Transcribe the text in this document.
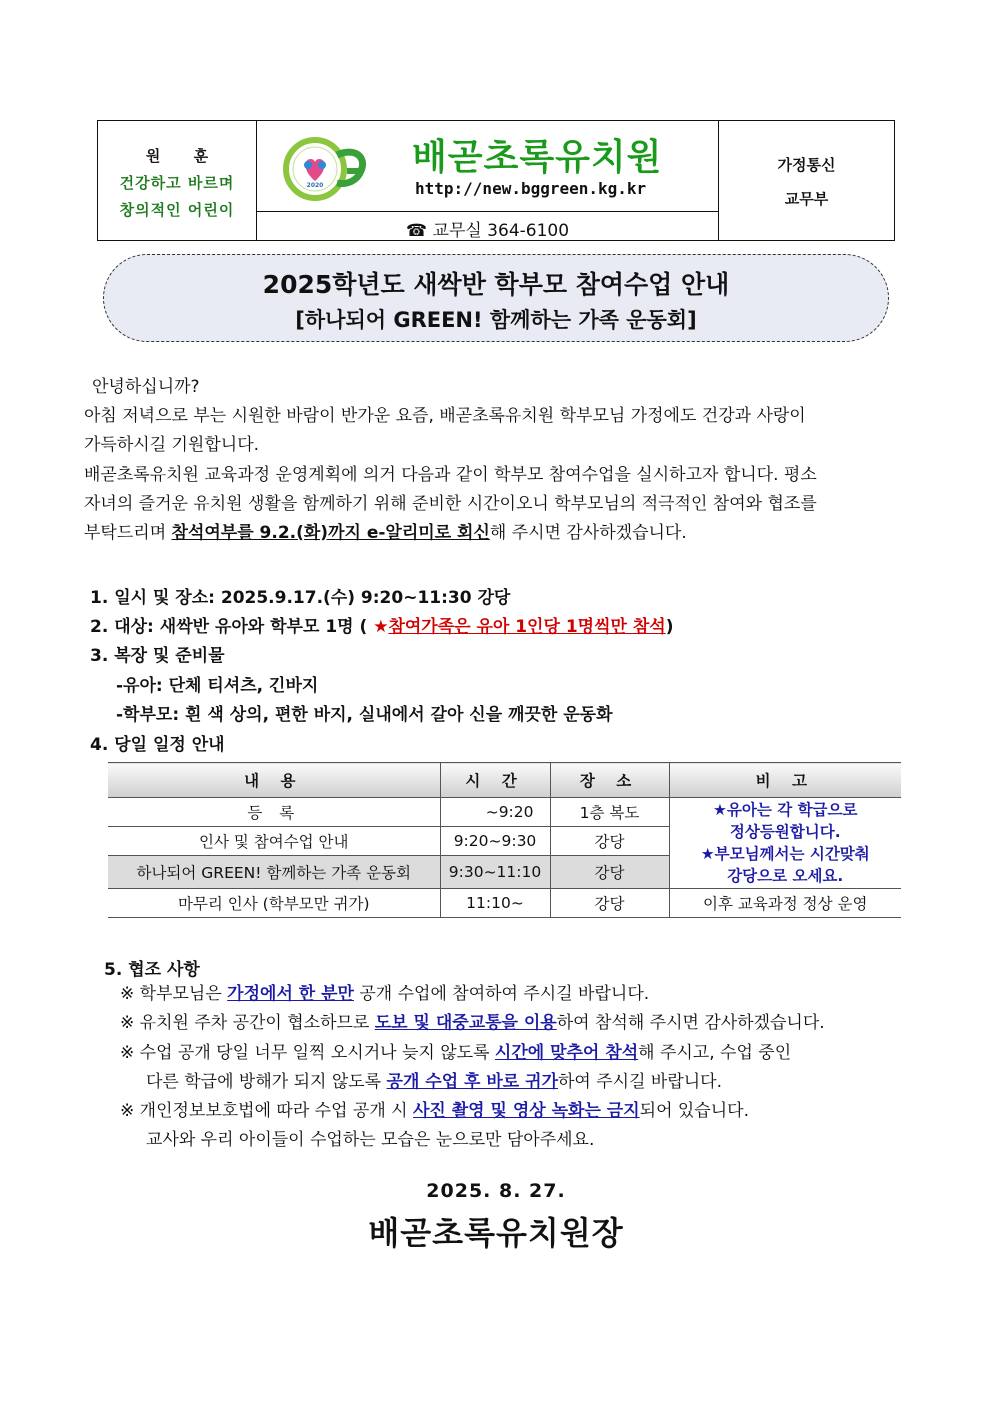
원 훈
건강하고 바르며
창의적인 어린이
2020
배곧초록유치원
http://new.bggreen.kg.kr
☎ 교무실 364-6100
가정통신
교무부
2025학년도 새싹반 학부모 참여수업 안내
[하나되어 GREEN! 함께하는 가족 운동회]
안녕하십니까?
아침 저녁으로 부는 시원한 바람이 반가운 요즘, 배곧초록유치원 학부모님 가정에도 건강과 사랑이
가득하시길 기원합니다.
배곧초록유치원 교육과정 운영계획에 의거 다음과 같이 학부모 참여수업을 실시하고자 합니다. 평소
자녀의 즐거운 유치원 생활을 함께하기 위해 준비한 시간이오니 학부모님의 적극적인 참여와 협조를
부탁드리며 참석여부를 9.2.(화)까지 e-알리미로 회신해 주시면 감사하겠습니다.
1. 일시 및 장소: 2025.9.17.(수) 9:20~11:30 강당
2. 대상: 새싹반 유아와 학부모 1명 ( ★참여가족은 유아 1인당 1명씩만 참석)
3. 복장 및 준비물
-유아: 단체 티셔츠, 긴바지
-학부모: 흰 색 상의, 편한 바지, 실내에서 갈아 신을 깨끗한 운동화
4. 당일 일정 안내
내 용	시 간	장 소	비 고
등 록	~9:20	1층 복도	★유아는 각 학급으로
정상등원합니다.
★부모님께서는 시간맞춰
강당으로 오세요.

인사 및 참여수업 안내	9:20~9:30	강당	
하나되어 GREEN! 함께하는 가족 운동회	9:30~11:10	강당	
마무리 인사 (학부모만 귀가)	11:10~	강당	이후 교육과정 정상 운영
5. 협조 사항
※ 학부모님은 가정에서 한 분만 공개 수업에 참여하여 주시길 바랍니다.
※ 유치원 주차 공간이 협소하므로 도보 및 대중교통을 이용하여 참석해 주시면 감사하겠습니다.
※ 수업 공개 당일 너무 일찍 오시거나 늦지 않도록 시간에 맞추어 참석해 주시고, 수업 중인
다른 학급에 방해가 되지 않도록 공개 수업 후 바로 귀가하여 주시길 바랍니다.
※ 개인정보보호법에 따라 수업 공개 시 사진 촬영 및 영상 녹화는 금지되어 있습니다.
교사와 우리 아이들이 수업하는 모습은 눈으로만 담아주세요.
2025. 8. 27.
배곧초록유치원장
